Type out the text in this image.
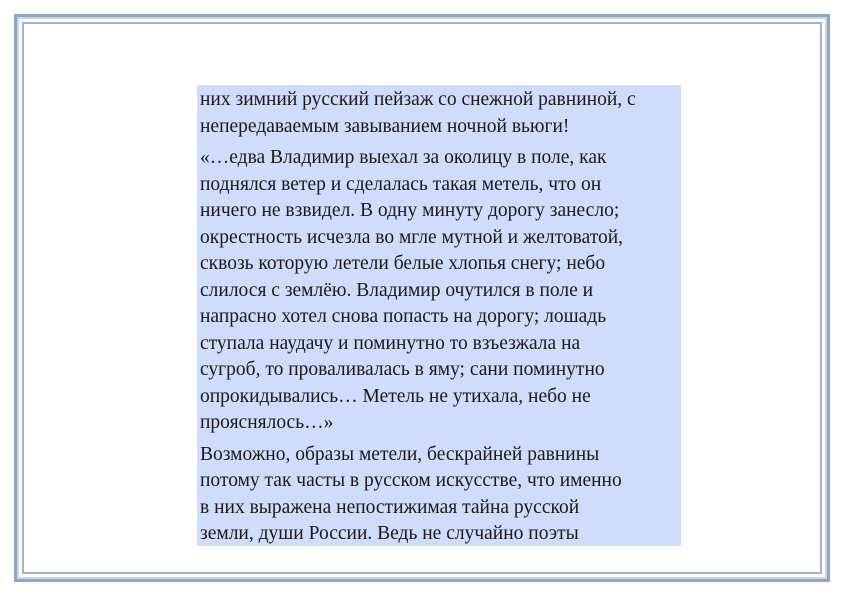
них зимний русский пейзаж со снежной равниной, с
непередаваемым завыванием ночной вьюги!

«…едва Владимир выехал за околицу в поле, как
поднялся ветер и сделалась такая метель, что он
ничего не взвидел. В одну минуту дорогу занесло;
окрестность исчезла во мгле мутной и желтоватой,
сквозь которую летели белые хлопья снегу; небо
слилося с землёю. Владимир очутился в поле и
напрасно хотел снова попасть на дорогу; лошадь
ступала наудачу и поминутно то взъезжала на
сугроб, то проваливалась в яму; сани поминутно
опрокидывались… Метель не утихала, небо не
прояснялось…»

Возможно, образы метели, бескрайней равнины
потому так часты в русском искусстве, что именно
в них выражена непостижимая тайна русской
земли, души России. Ведь не случайно поэты
